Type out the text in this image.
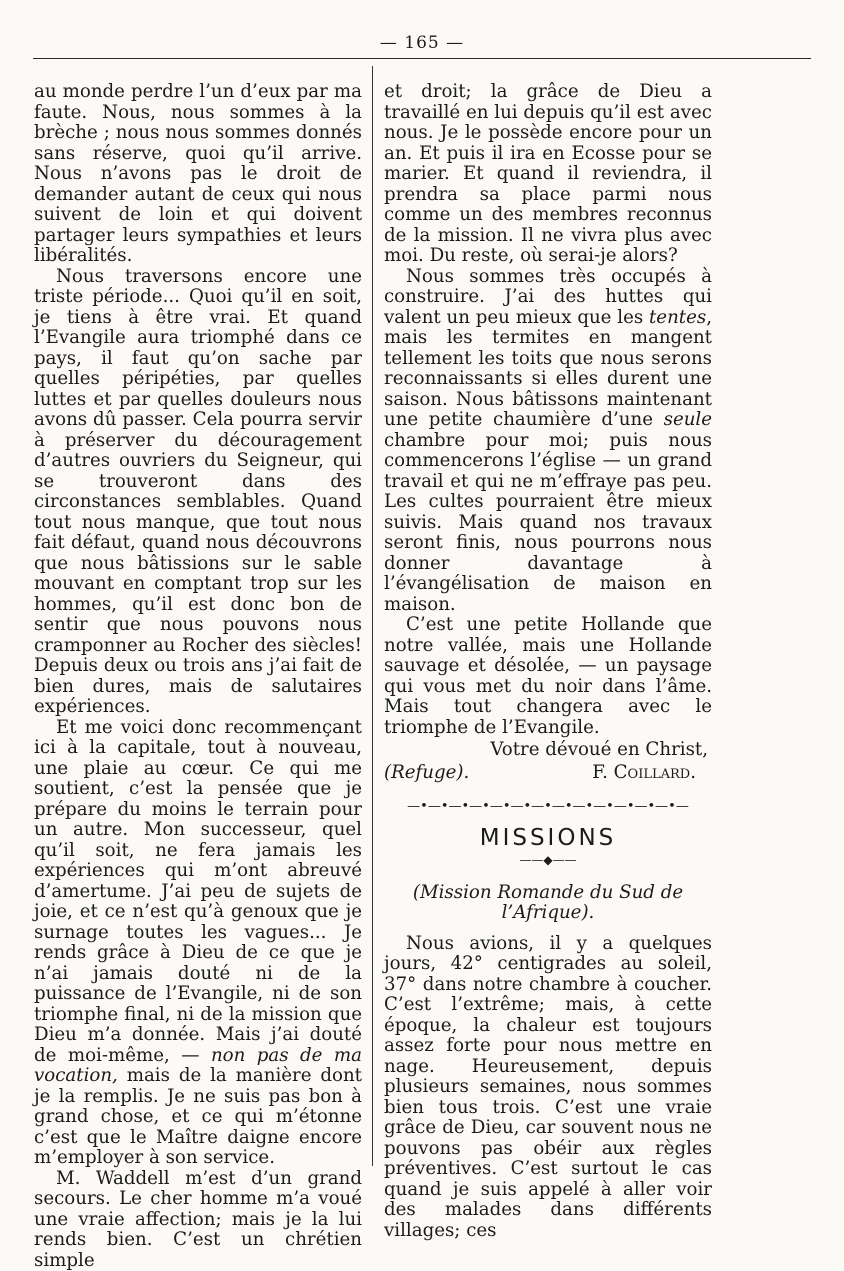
— 165 —

au monde perdre l’un d’eux par ma faute. Nous, nous sommes à la brèche ; nous nous sommes donnés sans réserve, quoi qu’il arrive. Nous n’avons pas le droit de demander autant de ceux qui nous suivent de loin et qui doivent partager leurs sympathies et leurs libéralités.

Nous traversons encore une triste période... Quoi qu’il en soit, je tiens à être vrai. Et quand l’Evangile aura triomphé dans ce pays, il faut qu’on sache par quelles péripéties, par quelles luttes et par quelles douleurs nous avons dû passer. Cela pourra servir à préserver du découragement d’autres ouvriers du Seigneur, qui se trouveront dans des circonstances semblables. Quand tout nous manque, que tout nous fait défaut, quand nous découvrons que nous bâtissions sur le sable mouvant en comptant trop sur les hommes, qu’il est donc bon de sentir que nous pouvons nous cramponner au Rocher des siècles! Depuis deux ou trois ans j’ai fait de bien dures, mais de salutaires expériences.

Et me voici donc recommençant ici à la capitale, tout à nouveau, une plaie au cœur. Ce qui me soutient, c’est la pensée que je prépare du moins le terrain pour un autre. Mon successeur, quel qu’il soit, ne fera jamais les expériences qui m’ont abreuvé d’amertume. J’ai peu de sujets de joie, et ce n’est qu’à genoux que je surnage toutes les vagues... Je rends grâce à Dieu de ce que je n’ai jamais douté ni de la puissance de l’Evangile, ni de son triomphe final, ni de la mission que Dieu m’a donnée. Mais j’ai douté de moi-même, — non pas de ma vocation, mais de la manière dont je la remplis. Je ne suis pas bon à grand chose, et ce qui m’étonne c’est que le Maître daigne encore m’employer à son service.

M. Waddell m’est d’un grand secours. Le cher homme m’a voué une vraie affection; mais je la lui rends bien. C’est un chrétien simple

et droit; la grâce de Dieu a travaillé en lui depuis qu’il est avec nous. Je le possède encore pour un an. Et puis il ira en Ecosse pour se marier. Et quand il reviendra, il prendra sa place parmi nous comme un des membres reconnus de la mission. Il ne vivra plus avec moi. Du reste, où serai-je alors?

Nous sommes très occupés à construire. J’ai des huttes qui valent un peu mieux que les tentes, mais les termites en mangent tellement les toits que nous serons reconnaissants si elles durent une saison. Nous bâtissons maintenant une petite chaumière d’une seule chambre pour moi; puis nous commencerons l’église — un grand travail et qui ne m’effraye pas peu. Les cultes pourraient être mieux suivis. Mais quand nos travaux seront finis, nous pourrons nous donner davantage à l’évangélisation de maison en maison.

C’est une petite Hollande que notre vallée, mais une Hollande sauvage et désolée, — un paysage qui vous met du noir dans l’âme. Mais tout changera avec le triomphe de l’Evangile.

Votre dévoué en Christ,
(Refuge).	F. Coillard.
—•—•—•—•—•—•—•—•—•—•—•—•—•—
MISSIONS
——◆——
(Mission Romande du Sud de l’Afrique).

Nous avions, il y a quelques jours, 42° centigrades au soleil, 37° dans notre chambre à coucher. C’est l’extrême; mais, à cette époque, la chaleur est toujours assez forte pour nous mettre en nage. Heureusement, depuis plusieurs semaines, nous sommes bien tous trois. C’est une vraie grâce de Dieu, car souvent nous ne pouvons pas obéir aux règles préventives. C’est surtout le cas quand je suis appelé à aller voir des malades dans différents villages; ces
